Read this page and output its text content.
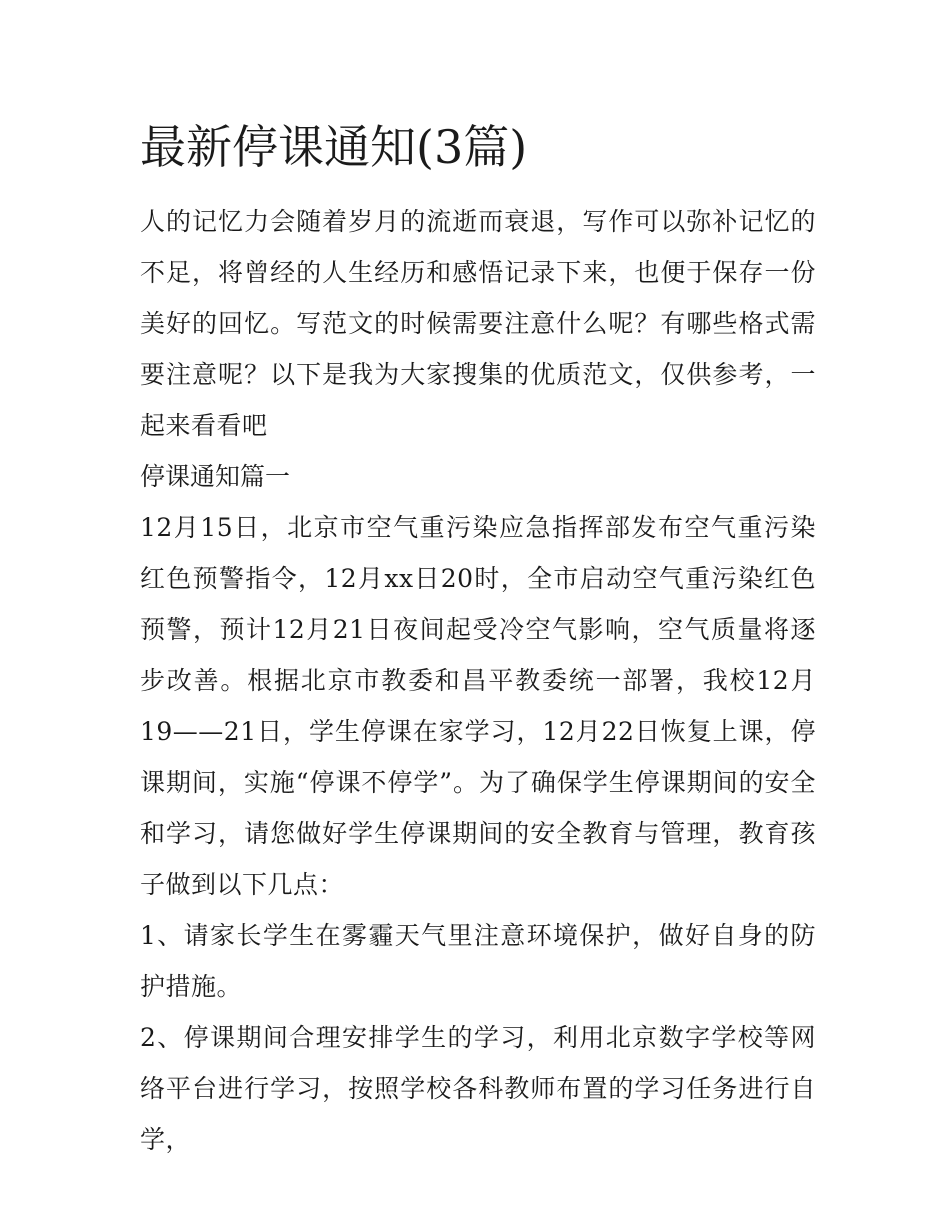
最新停课通知(3篇)

人的记忆力会随着岁月的流逝而衰退，写作可以弥补记忆的不足，将曾经的人生经历和感悟记录下来，也便于保存一份美好的回忆。写范文的时候需要注意什么呢？有哪些格式需要注意呢？以下是我为大家搜集的优质范文，仅供参考，一起来看看吧

停课通知篇一

12月15日，北京市空气重污染应急指挥部发布空气重污染红色预警指令，12月xx日20时，全市启动空气重污染红色预警，预计12月21日夜间起受冷空气影响，空气质量将逐步改善。根据北京市教委和昌平教委统一部署，我校12月19——21日，学生停课在家学习，12月22日恢复上课，停课期间，实施“停课不停学”。为了确保学生停课期间的安全和学习，请您做好学生停课期间的安全教育与管理，教育孩子做到以下几点：

1、请家长学生在雾霾天气里注意环境保护，做好自身的防护措施。

2、停课期间合理安排学生的学习，利用北京数字学校等网络平台进行学习，按照学校各科教师布置的学习任务进行自学，
